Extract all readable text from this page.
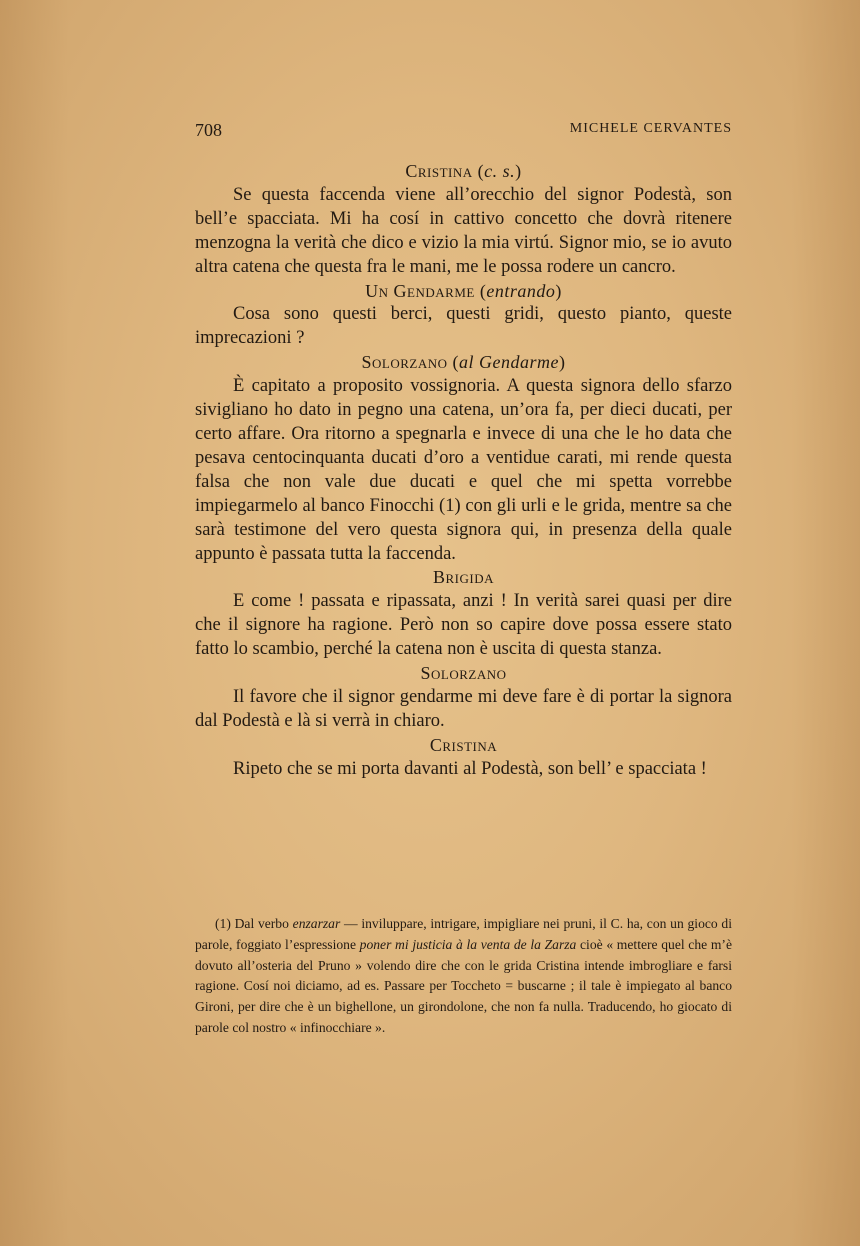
708	MICHELE CERVANTES
Cristina (c. s.)

Se questa faccenda viene all’orecchio del signor Podestà, son bell’e spacciata. Mi ha cosí in cattivo concetto che dovrà ritenere menzogna la verità che dico e vizio la mia virtú. Signor mio, se io avuto altra catena che questa fra le mani, me le possa rodere un cancro.

Un Gendarme (entrando)

Cosa sono questi berci, questi gridi, questo pianto, queste imprecazioni ?

Solorzano (al Gendarme)

È capitato a proposito vossignoria. A questa signora dello sfarzo sivigliano ho dato in pegno una catena, un’ora fa, per dieci ducati, per certo affare. Ora ritorno a spegnarla e invece di una che le ho data che pesava centocinquanta ducati d’oro a ventidue carati, mi rende questa falsa che non vale due ducati e quel che mi spetta vorrebbe impiegarmelo al banco Finocchi (1) con gli urli e le grida, mentre sa che sarà testimone del vero questa signora qui, in presenza della quale appunto è passata tutta la faccenda.

Brigida

E come ! passata e ripassata, anzi ! In verità sarei quasi per dire che il signore ha ragione. Però non so capire dove possa essere stato fatto lo scambio, perché la catena non è uscita di questa stanza.

Solorzano

Il favore che il signor gendarme mi deve fare è di portar la signora dal Podestà e là si verrà in chiaro.

Cristina

Ripeto che se mi porta davanti al Podestà, son bell’ e spacciata !

(1) Dal verbo enzarzar — inviluppare, intrigare, impigliare nei pruni, il C. ha, con un gioco di parole, foggiato l’espressione poner mi justicia à la venta de la Zarza cioè « mettere quel che m’è dovuto all’osteria del Pruno » volendo dire che con le grida Cristina intende imbrogliare e farsi ragione. Cosí noi diciamo, ad es. Passare per Toccheto = buscarne ; il tale è impiegato al banco Gironi, per dire che è un bighellone, un girondolone, che non fa nulla. Traducendo, ho giocato di parole col nostro « infinocchiare ».
